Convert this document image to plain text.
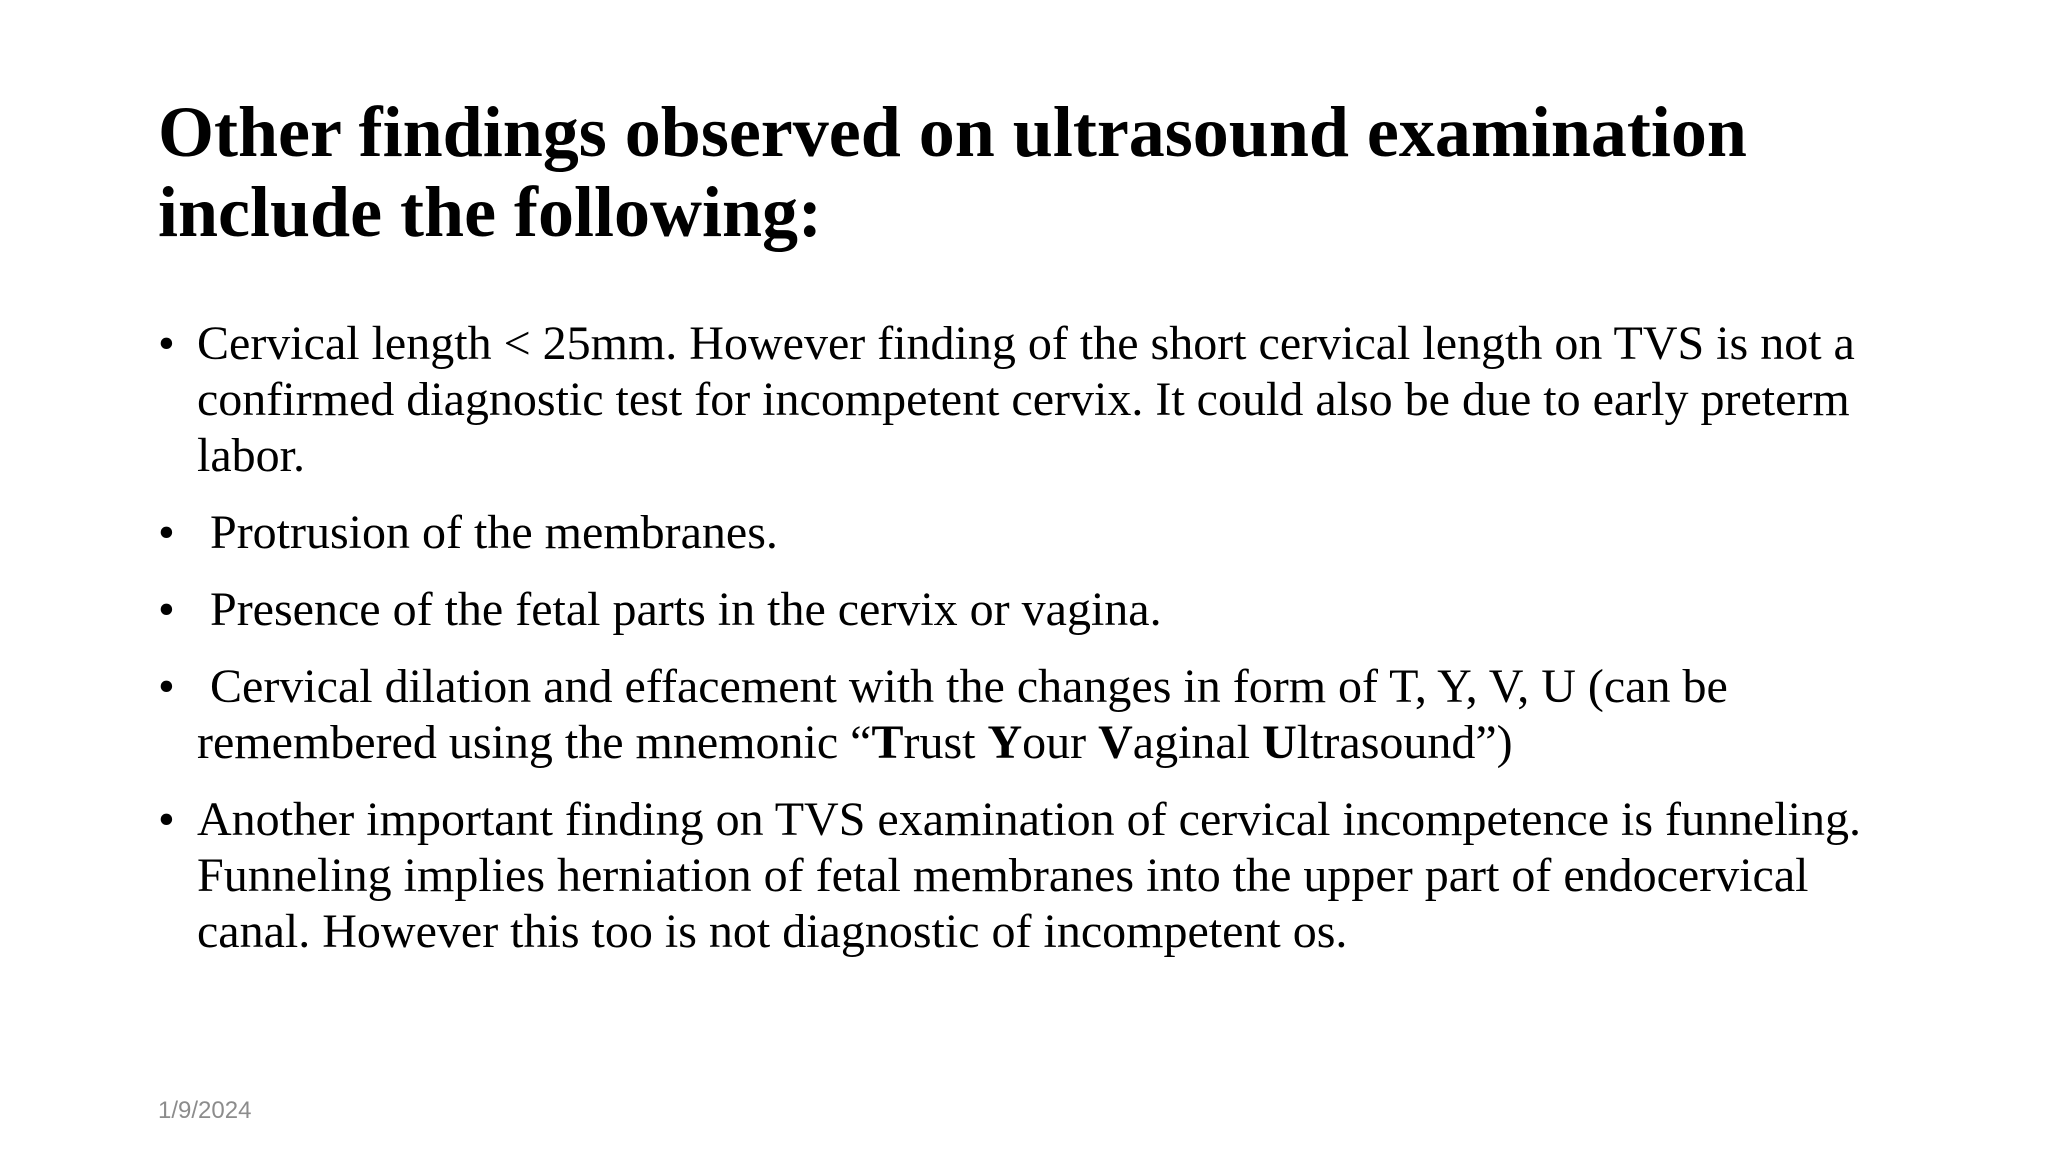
Other findings observed on ultrasound examination include the following:
• Cervical length < 25mm. However finding of the short cervical length on TVS is not a confirmed diagnostic test for incompetent cervix. It could also be due to early preterm labor.
• Protrusion of the membranes.
• Presence of the fetal parts in the cervix or vagina.
• Cervical dilation and effacement with the changes in form of T, Y, V, U (can be remembered using the mnemonic “Trust Your Vaginal Ultrasound”)
• Another important finding on TVS examination of cervical incompetence is funneling. Funneling implies herniation of fetal membranes into the upper part of endocervical canal. However this too is not diagnostic of incompetent os.
1/9/2024
